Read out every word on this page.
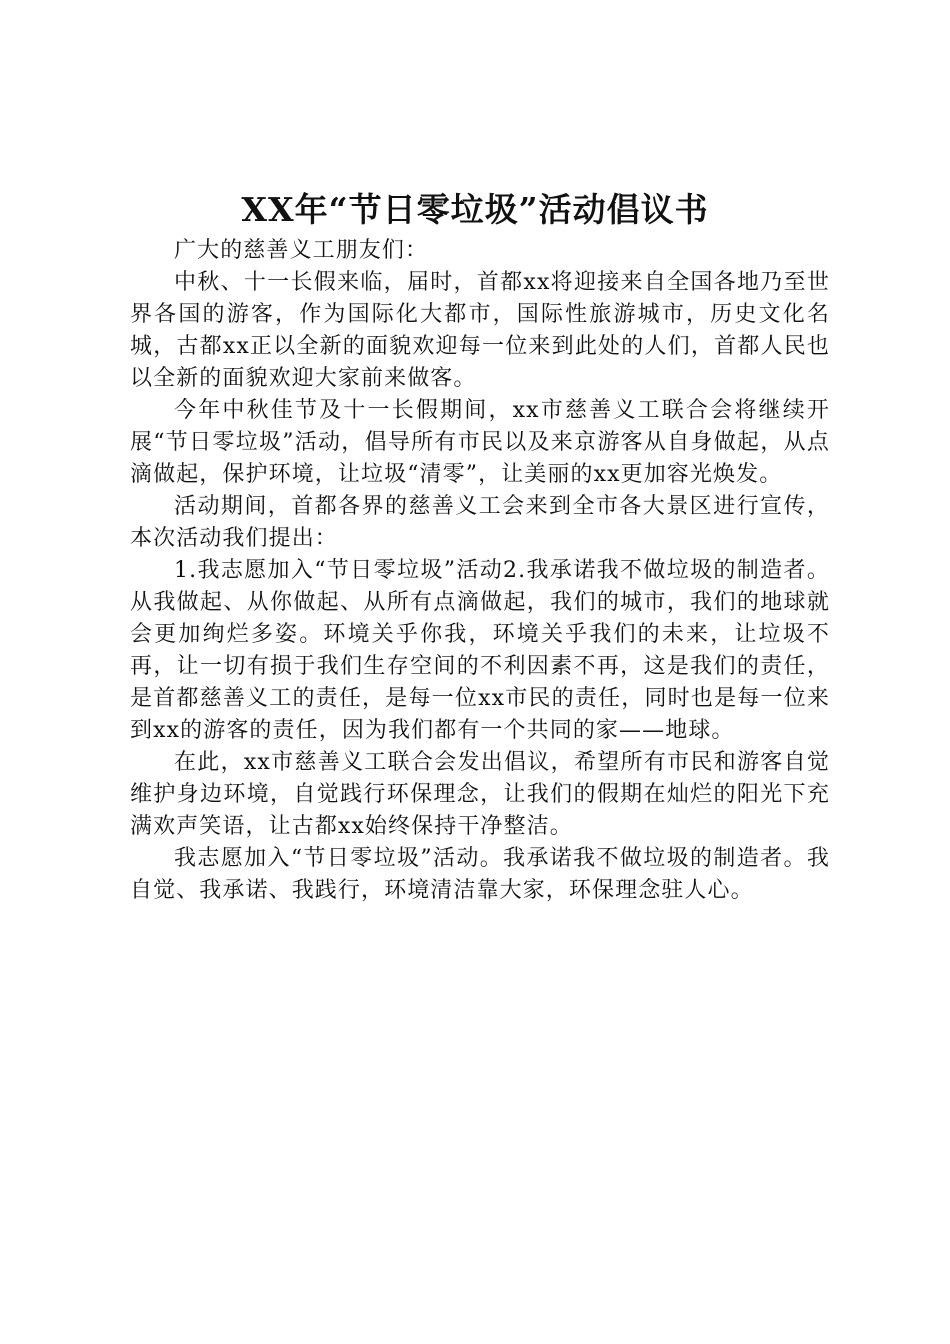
XX年“节日零垃圾”活动倡议书

广大的慈善义工朋友们：

中秋、十一长假来临，届时，首都xx将迎接来自全国各地乃至世界各国的游客，作为国际化大都市，国际性旅游城市，历史文化名城，古都xx正以全新的面貌欢迎每一位来到此处的人们，首都人民也以全新的面貌欢迎大家前来做客。

今年中秋佳节及十一长假期间，xx市慈善义工联合会将继续开展“节日零垃圾”活动，倡导所有市民以及来京游客从自身做起，从点滴做起，保护环境，让垃圾“清零”，让美丽的xx更加容光焕发。

活动期间，首都各界的慈善义工会来到全市各大景区进行宣传，本次活动我们提出：

1.我志愿加入“节日零垃圾”活动2.我承诺我不做垃圾的制造者。从我做起、从你做起、从所有点滴做起，我们的城市，我们的地球就会更加绚烂多姿。环境关乎你我，环境关乎我们的未来，让垃圾不再，让一切有损于我们生存空间的不利因素不再，这是我们的责任，是首都慈善义工的责任，是每一位xx市民的责任，同时也是每一位来到xx的游客的责任，因为我们都有一个共同的家——地球。

在此，xx市慈善义工联合会发出倡议，希望所有市民和游客自觉维护身边环境，自觉践行环保理念，让我们的假期在灿烂的阳光下充满欢声笑语，让古都xx始终保持干净整洁。

我志愿加入“节日零垃圾”活动。我承诺我不做垃圾的制造者。我自觉、我承诺、我践行，环境清洁靠大家，环保理念驻人心。
